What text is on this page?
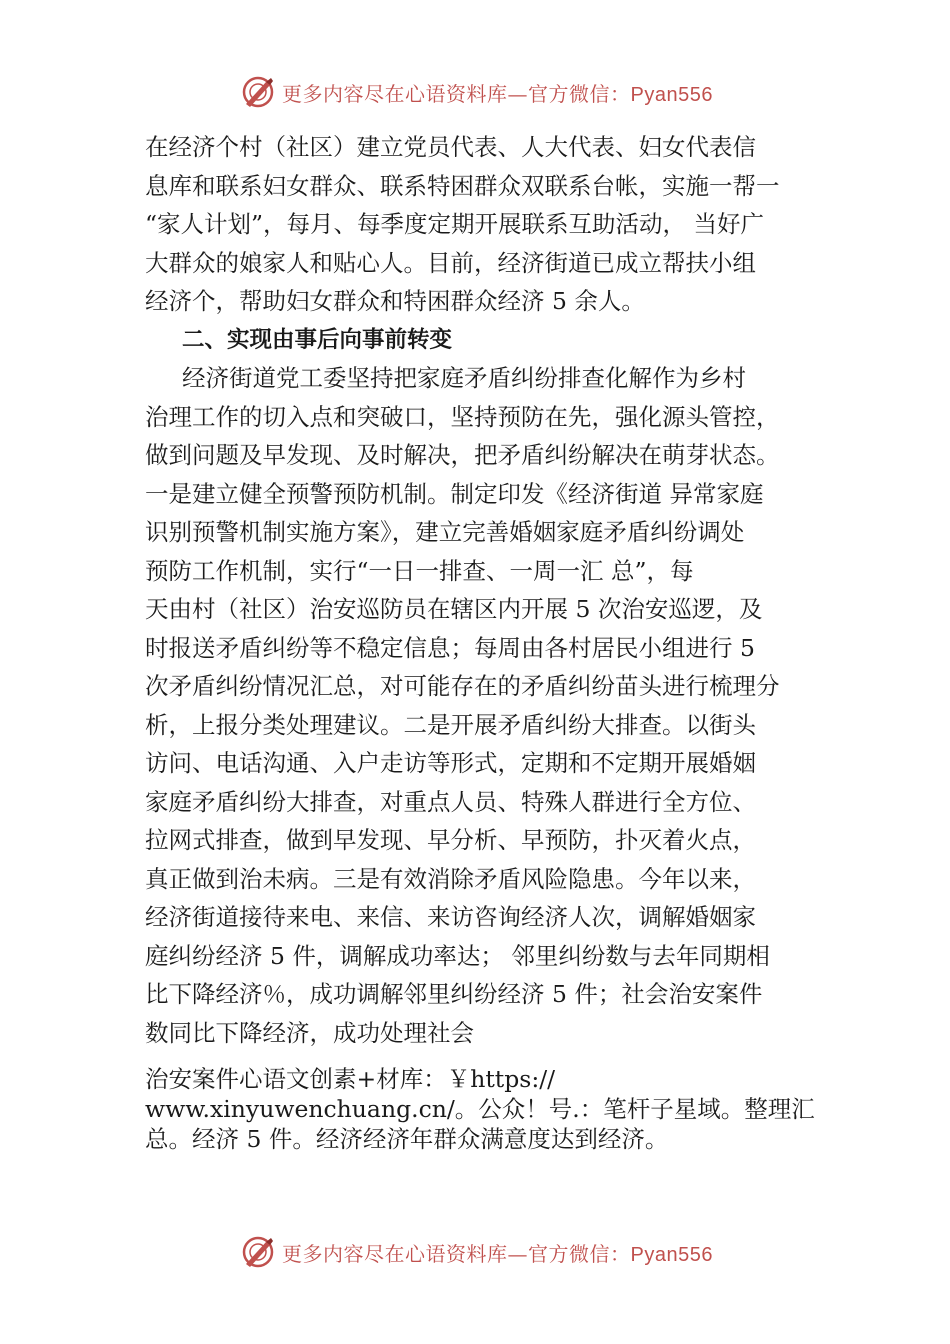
更多内容尽在心语资料库—官方微信：Pyan556
在经济个村（社区）建立党员代表、人大代表、妇女代表信
息库和联系妇女群众、联系特困群众双联系台帐，实施一帮一
“家人计划”，每月、每季度定期开展联系互助活动， 当好广
大群众的娘家人和贴心人。目前，经济街道已成立帮扶小组
经济个，帮助妇女群众和特困群众经济 5 余人。
二、实现由事后向事前转变
经济街道党工委坚持把家庭矛盾纠纷排查化解作为乡村
治理工作的切入点和突破口，坚持预防在先，强化源头管控，
做到问题及早发现、及时解决，把矛盾纠纷解决在萌芽状态。
一是建立健全预警预防机制。制定印发《经济街道 异常家庭
识别预警机制实施方案》，建立完善婚姻家庭矛盾纠纷调处
预防工作机制，实行“一日一排查、一周一汇 总”，每
天由村（社区）治安巡防员在辖区内开展 5 次治安巡逻，及
时报送矛盾纠纷等不稳定信息；每周由各村居民小组进行 5
次矛盾纠纷情况汇总，对可能存在的矛盾纠纷苗头进行梳理分
析，上报分类处理建议。二是开展矛盾纠纷大排查。以街头
访问、电话沟通、入户走访等形式，定期和不定期开展婚姻
家庭矛盾纠纷大排查，对重点人员、特殊人群进行全方位、
拉网式排查，做到早发现、早分析、早预防，扑灭着火点，
真正做到治未病。三是有效消除矛盾风险隐患。今年以来，
经济街道接待来电、来信、来访咨询经济人次，调解婚姻家
庭纠纷经济 5 件，调解成功率达； 邻里纠纷数与去年同期相
比下降经济％，成功调解邻里纠纷经济 5 件；社会治安案件
数同比下降经济，成功处理社会
治安案件心语文创素+材库：￥https://
www.xinyuwenchuang.cn/。公众！号.：笔杆子星域。整理汇
总。经济 5 件。经济经济年群众满意度达到经济。
更多内容尽在心语资料库—官方微信：Pyan556
